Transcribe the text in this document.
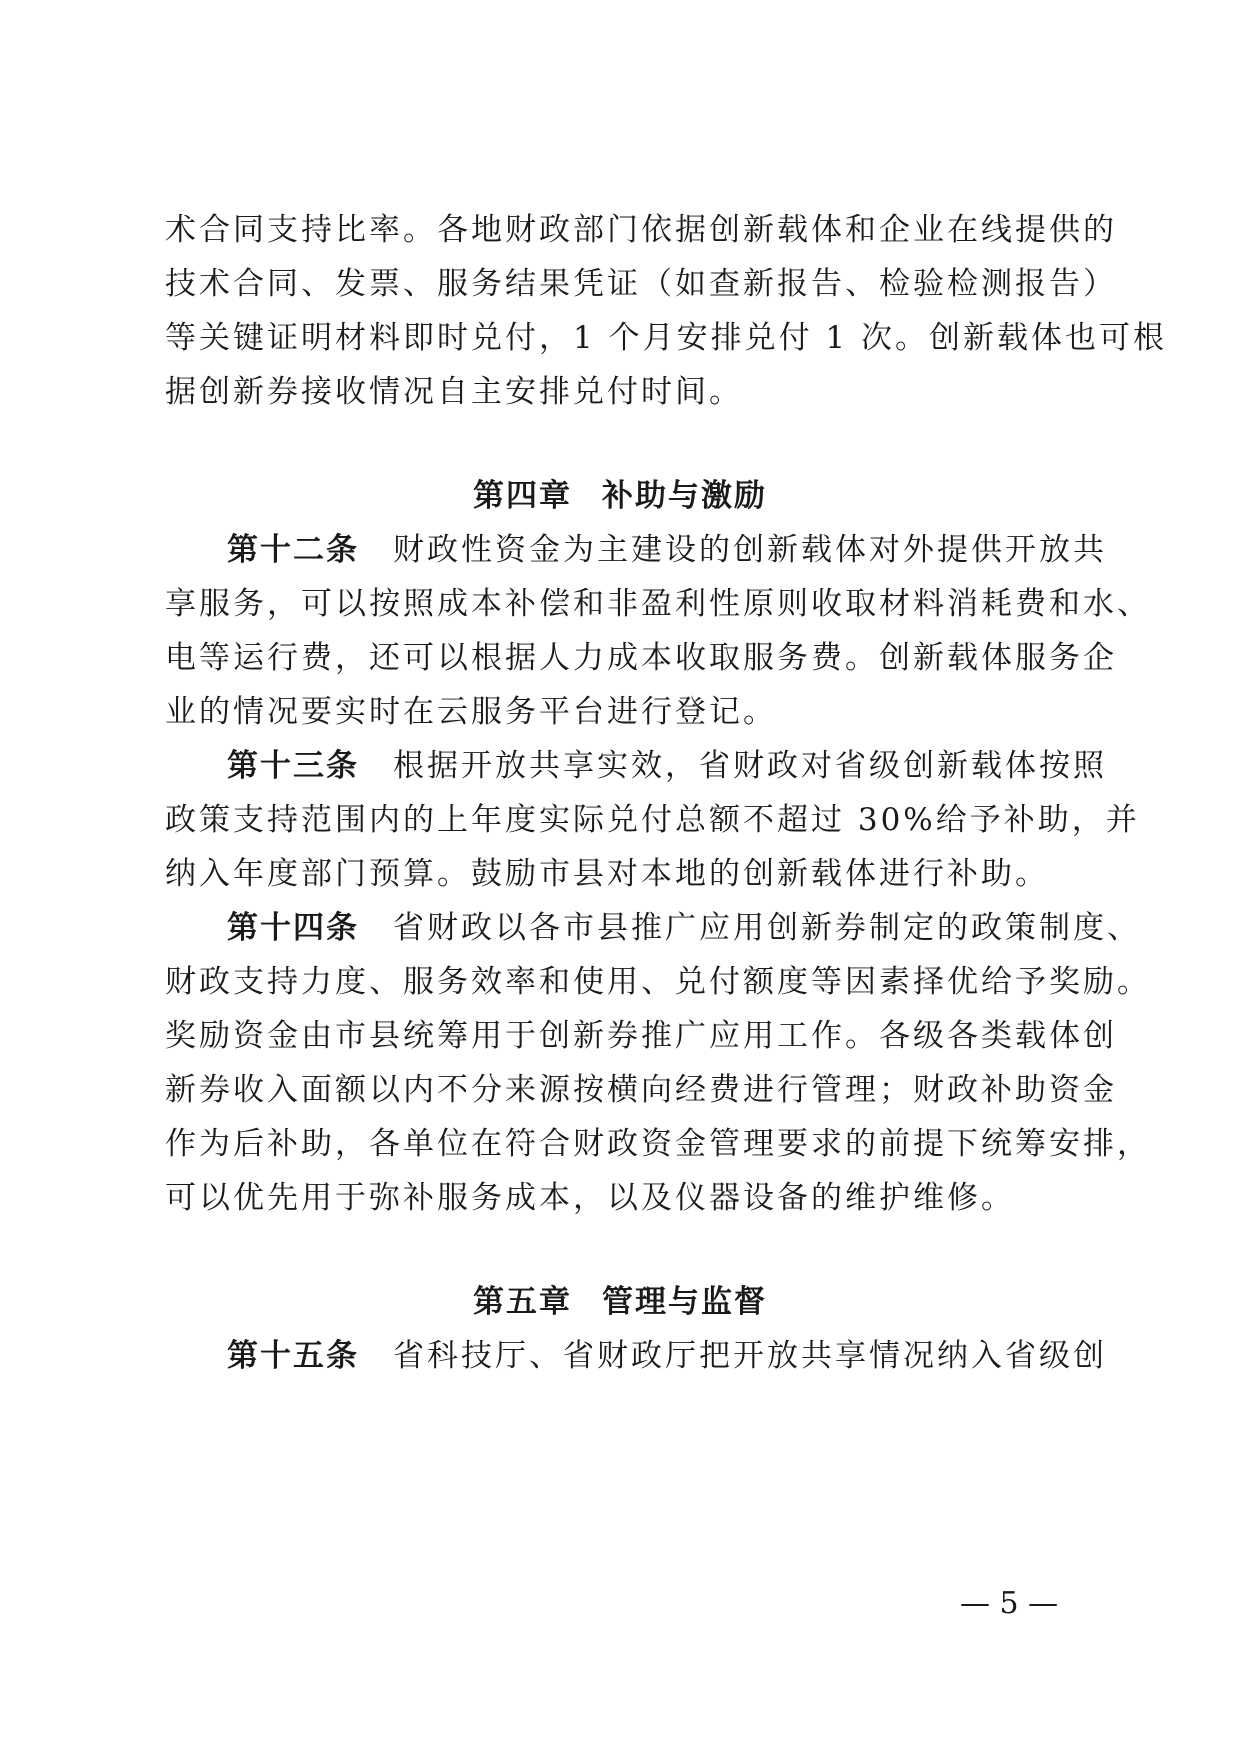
术合同支持比率。各地财政部门依据创新载体和企业在线提供的
技术合同、发票、服务结果凭证（如查新报告、检验检测报告）
等关键证明材料即时兑付，1 个月安排兑付 1 次。创新载体也可根
据创新券接收情况自主安排兑付时间。
第四章 补助与激励
第十二条 财政性资金为主建设的创新载体对外提供开放共
享服务，可以按照成本补偿和非盈利性原则收取材料消耗费和水、
电等运行费，还可以根据人力成本收取服务费。创新载体服务企
业的情况要实时在云服务平台进行登记。
第十三条 根据开放共享实效，省财政对省级创新载体按照
政策支持范围内的上年度实际兑付总额不超过 30%给予补助，并
纳入年度部门预算。鼓励市县对本地的创新载体进行补助。
第十四条 省财政以各市县推广应用创新券制定的政策制度、
财政支持力度、服务效率和使用、兑付额度等因素择优给予奖励。
奖励资金由市县统筹用于创新券推广应用工作。各级各类载体创
新券收入面额以内不分来源按横向经费进行管理；财政补助资金
作为后补助，各单位在符合财政资金管理要求的前提下统筹安排，
可以优先用于弥补服务成本，以及仪器设备的维护维修。
第五章 管理与监督
第十五条 省科技厅、省财政厅把开放共享情况纳入省级创
— 5 —
